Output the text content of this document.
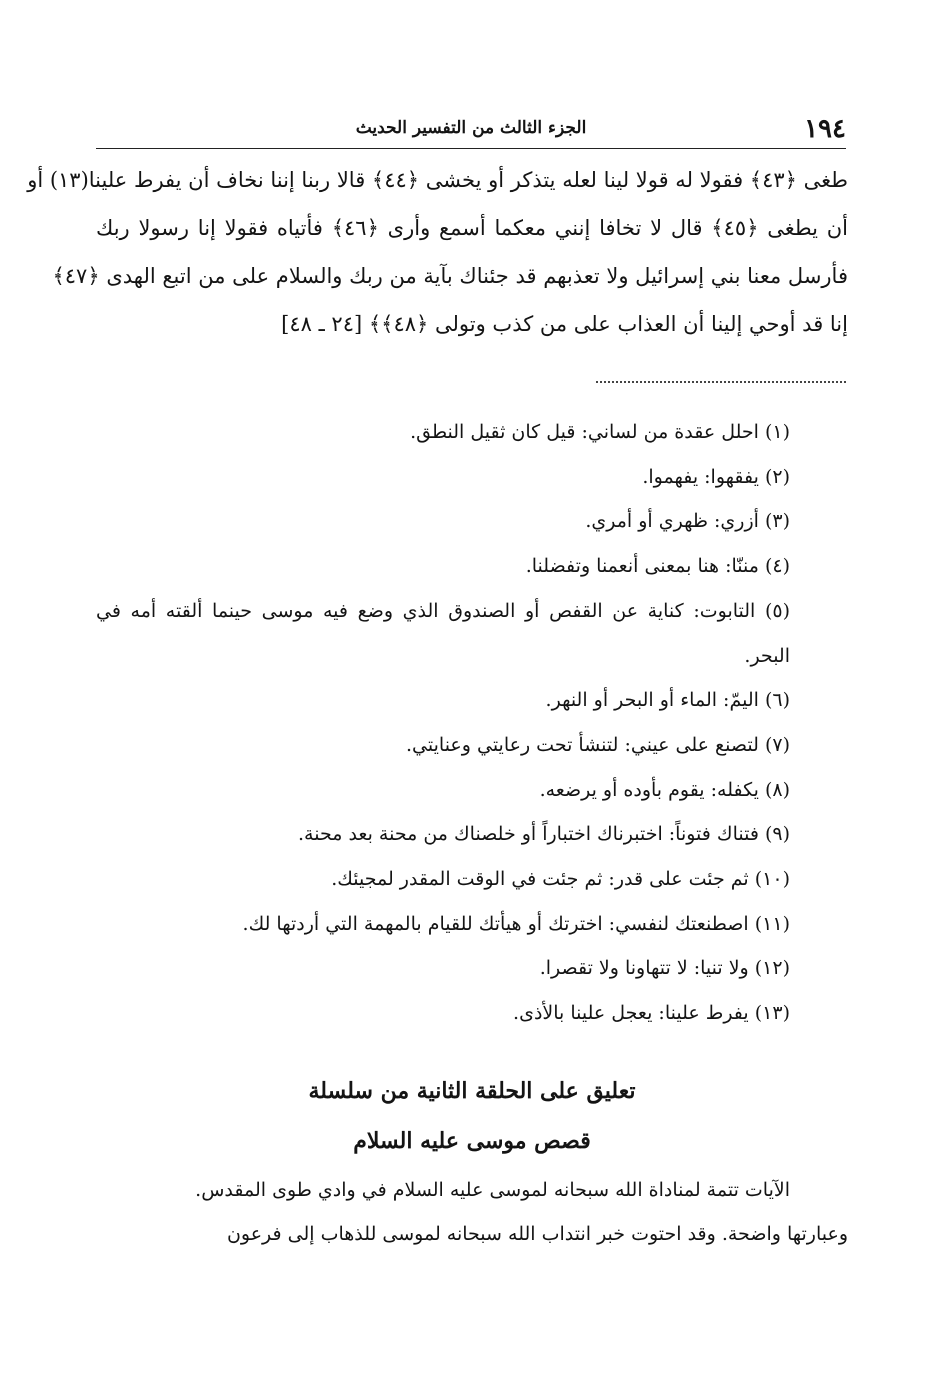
١٩٤
الجزء الثالث من التفسير الحديث
طغى ﴿٤٣﴾ فقولا له قولا لينا لعله يتذكر أو يخشى ﴿٤٤﴾ قالا ربنا إننا نخاف أن يفرط علينا(١٣) أو
أن يطغى ﴿٤٥﴾ قال لا تخافا إنني معكما أسمع وأرى ﴿٤٦﴾ فأتياه فقولا إنا رسولا ربك
فأرسل معنا بني إسرائيل ولا تعذبهم قد جئناك بآية من ربك والسلام على من اتبع الهدى ﴿٤٧﴾
إنا قد أوحي إلينا أن العذاب على من كذب وتولى ﴿٤٨﴾﴾ [٢٤ ـ ٤٨]
(١) احلل عقدة من لساني: قيل كان ثقيل النطق.
(٢) يفقهوا: يفهموا.
(٣) أزري: ظهري أو أمري.
(٤) مننّا: هنا بمعنى أنعمنا وتفضلنا.
(٥) التابوت: كناية عن القفص أو الصندوق الذي وضع فيه موسى حينما ألقته أمه في البحر.
(٦) اليمّ: الماء أو البحر أو النهر.
(٧) لتصنع على عيني: لتنشأ تحت رعايتي وعنايتي.
(٨) يكفله: يقوم بأوده أو يرضعه.
(٩) فتناك فتوناً: اختبرناك اختباراً أو خلصناك من محنة بعد محنة.
(١٠) ثم جئت على قدر: ثم جئت في الوقت المقدر لمجيئك.
(١١) اصطنعتك لنفسي: اخترتك أو هيأتك للقيام بالمهمة التي أردتها لك.
(١٢) ولا تنيا: لا تتهاونا ولا تقصرا.
(١٣) يفرط علينا: يعجل علينا بالأذى.
تعليق على الحلقة الثانية من سلسلة
قصص موسى عليه السلام
الآيات تتمة لمناداة الله سبحانه لموسى عليه السلام في وادي طوى المقدس.
وعبارتها واضحة. وقد احتوت خبر انتداب الله سبحانه لموسى للذهاب إلى فرعون
